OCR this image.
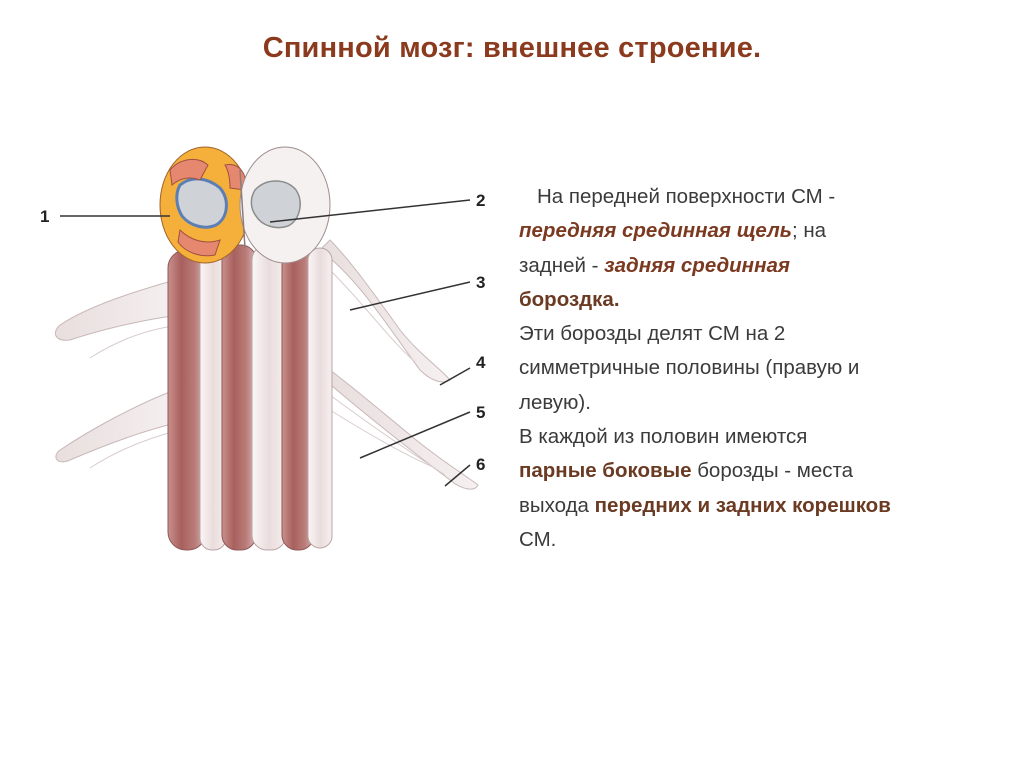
Спинной мозг: внешнее строение.
1
2
3
4
5
6

На передней поверхности СМ -

передняя срединная щель; на

задней - задняя срединная

бороздка.

Эти борозды делят СМ на 2

симметричные половины (правую и

левую).

В каждой из половин имеются

парные боковые борозды - места

выхода передних и задних корешков

СМ.
